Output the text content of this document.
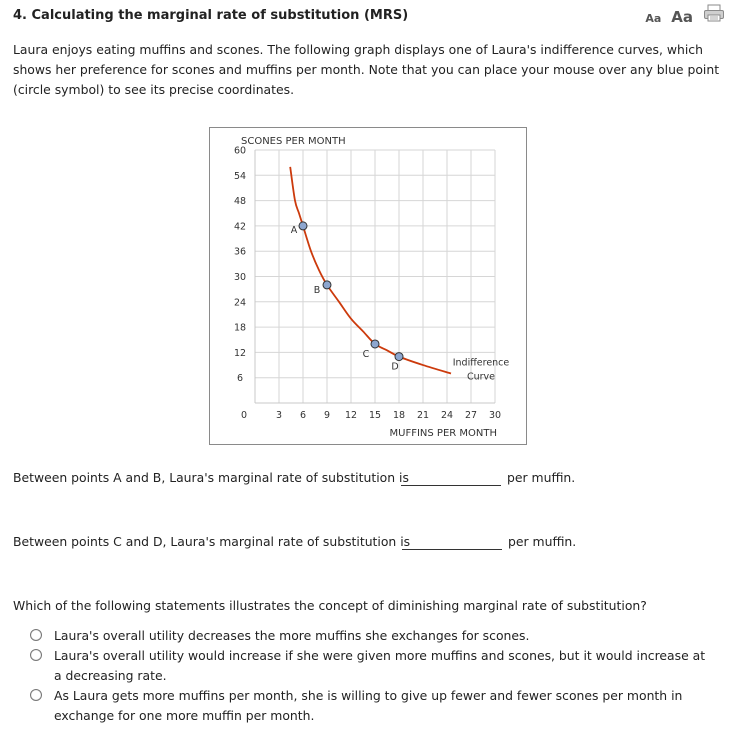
4. Calculating the marginal rate of substitution (MRS)	Aa Aa

Laura enjoys eating muffins and scones. The following graph displays one of Laura's indifference curves, which shows her preference for scones and muffins per month. Note that you can place your mouse over any blue point (circle symbol) to see its precise coordinates.

0	3 6 9 12 15 18 21 24 27 30
6
12
18
24
30
36
42
48
54
60
SCONES PER MONTH
MUFFINS PER MONTH
Indifference
Curve
A
B
C
D

Between points A and B, Laura's marginal rate of substitution is	per muffin.

Between points C and D, Laura's marginal rate of substitution is	per muffin.

Which of the following statements illustrates the concept of diminishing marginal rate of substitution?

Laura's overall utility decreases the more muffins she exchanges for scones.
Laura's overall utility would increase if she were given more muffins and scones, but it would increase at a decreasing rate.
As Laura gets more muffins per month, she is willing to give up fewer and fewer scones per month in exchange for one more muffin per month.
